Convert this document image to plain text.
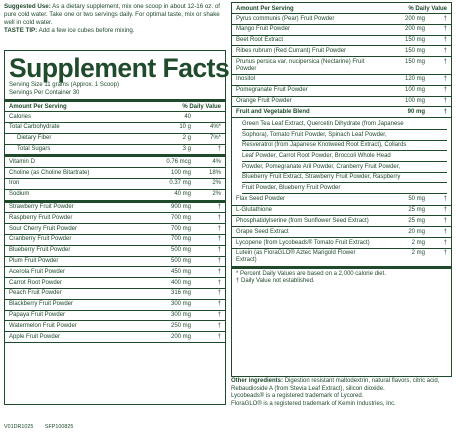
Suggested Use: As a dietary supplement, mix one scoop in about 12-16 oz. of pure cold water. Take one or two servings daily. For optimal taste, mix or shake well in cold water.
TASTE TIP: Add a few ice cubes before mixing.
Supplement Facts
Serving Size 11 grams (Approx. 1 Scoop)
Servings Per Container 30
Amount Per Serving	% Daily Value
Calories	40
Total Carbohydrate	10 g	4%*
Dietary Fiber	2 g	7%*
Total Sugars	3 g	†
Vitamin D	0.76 mcg	4%
Choline (as Choline Bitartrate)	100 mg	18%
Iron	0.37 mg	2%
Sodium	40 mg	2%
Strawberry Fruit Powder	900 mg	†
Raspberry Fruit Powder	700 mg	†
Sour Cherry Fruit Powder	700 mg	†
Cranberry Fruit Powder	700 mg	†
Blueberry Fruit Powder	500 mg	†
Plum Fruit Powder	500 mg	†
Acerola Fruit Powder	450 mg	†
Carrot Root Powder	400 mg	†
Peach Fruit Powder	316 mg	†
Blackberry Fruit Powder	300 mg	†
Papaya Fruit Powder	300 mg	†
Watermelon Fruit Powder	250 mg	†
Apple Fruit Powder	200 mg	†
Amount Per Serving	% Daily Value
Pyrus communis (Pear) Fruit Powder	200 mg	†
Mango Fruit Powder	200 mg	†
Beet Root Extract	150 mg	†
Ribes rubrum (Red Currant) Fruit Powder	150 mg	†
Prunus persica var. nucipersica (Nectarine) Fruit Powder
150 mg	†
Inositol	120 mg	†
Pomegranate Fruit Powder	100 mg	†
Orange Fruit Powder	100 mg	†
Fruit and Vegetable Blend	90 mg	†
Green Tea Leaf Extract, Quercetin Dihydrate (from Japanese
Sophora), Tomato Fruit Powder, Spinach Leaf Powder,
Resveratrol (from Japanese Knotweed Root Extract), Collards
Leaf Powder, Carrot Root Powder, Broccoli Whole Head
Powder, Pomegranate Aril Powder, Cranberry Fruit Powder,
Blueberry Fruit Extract, Strawberry Fruit Powder, Raspberry
Fruit Powder, Blueberry Fruit Powder
Flax Seed Powder	50 mg	†
L-Glutathione	25 mg	†
Phosphatidylserine (from Sunflower Seed Extract)	25 mg	†
Grape Seed Extract	20 mg	†
Lycopene (from Lycobeads® Tomato Fruit Extract)	2 mg	†
Lutein (as FloraGLO® Aztec Marigold Flower Extract)
2 mg	†
* Percent Daily Values are based on a 2,000 calorie diet.
† Daily Value not established.
Other ingredients: Digestion resistant maltodextrin, natural flavors, citric acid, Rebaudioside A (from Stevia Leaf Extract), silicon dioxide.
Lycobeads® is a registered trademark of Lycored.
FloraGLO® is a registered trademark of Kemin Industries, Inc.
V01DR1025 SFP100825
